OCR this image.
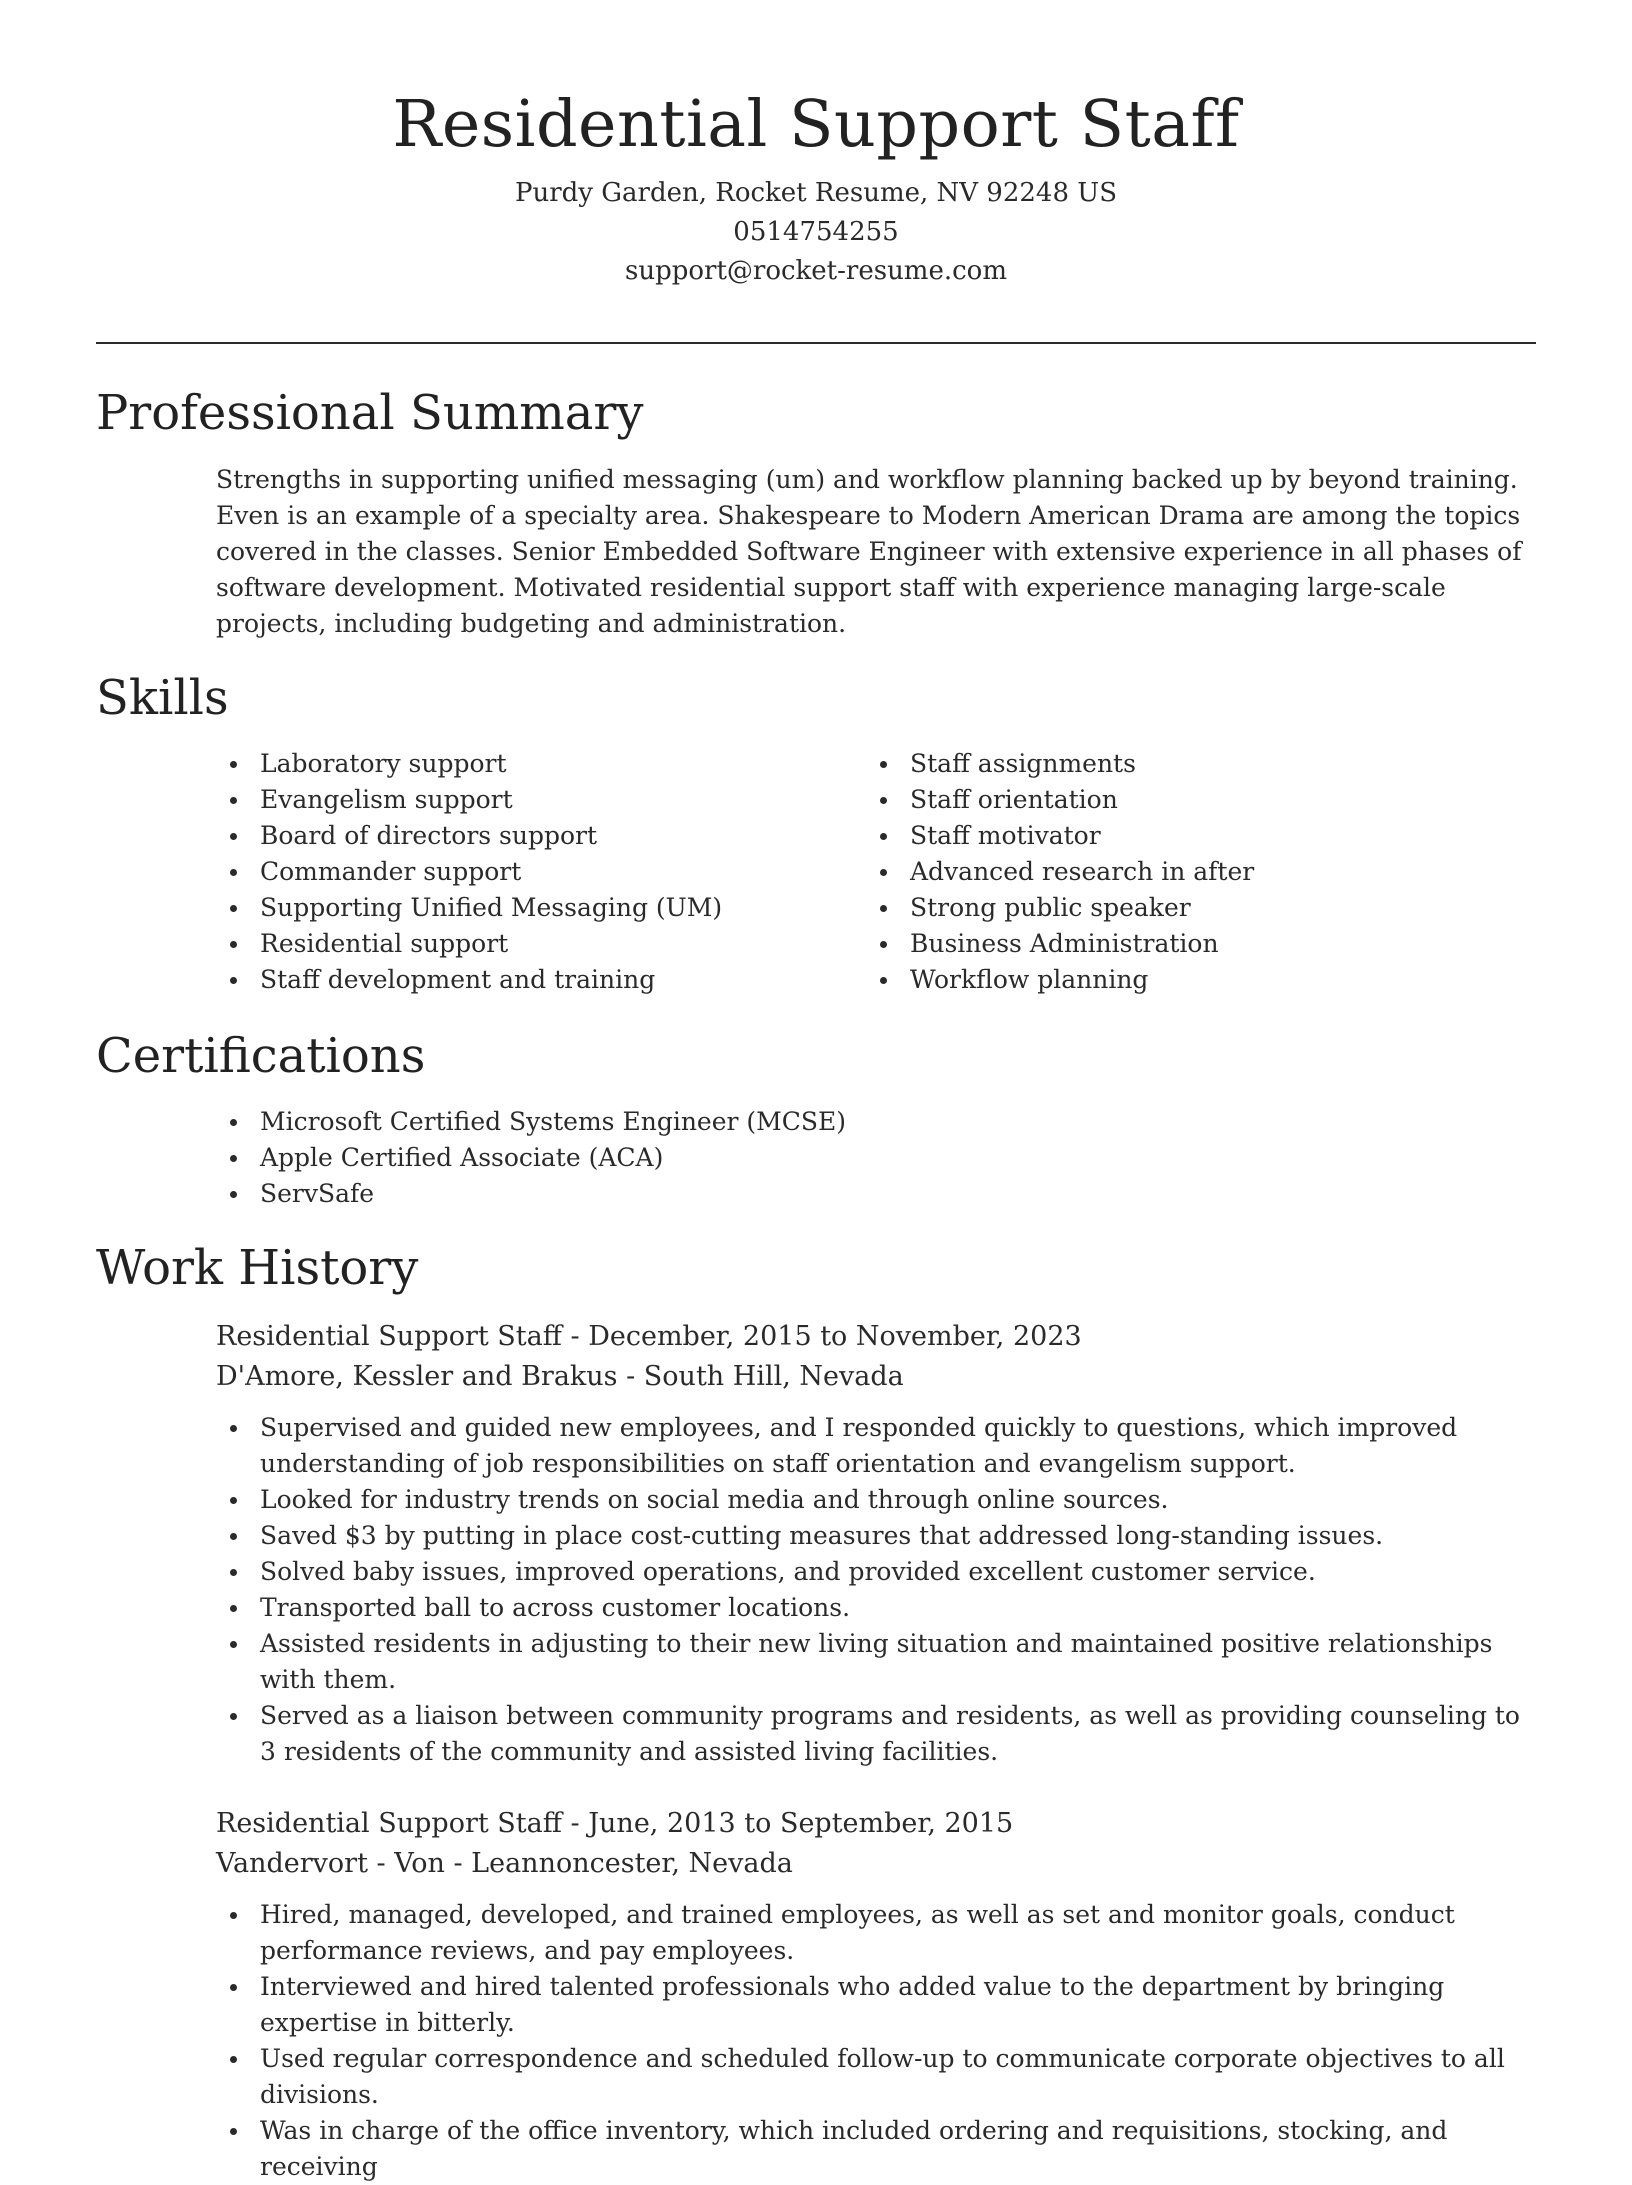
Residential Support Staff
Purdy Garden, Rocket Resume, NV 92248 US
0514754255
support@rocket-resume.com
Professional Summary

Strengths in supporting unified messaging (um) and workflow planning backed up by beyond training. Even is an example of a specialty area. Shakespeare to Modern American Drama are among the topics covered in the classes. Senior Embedded Software Engineer with extensive experience in all phases of software development. Motivated residential support staff with experience managing large-scale projects, including budgeting and administration.

Skills
Laboratory support
Evangelism support
Board of directors support
Commander support
Supporting Unified Messaging (UM)
Residential support
Staff development and training
Staff assignments
Staff orientation
Staff motivator
Advanced research in after
Strong public speaker
Business Administration
Workflow planning
Certifications
Microsoft Certified Systems Engineer (MCSE)
Apple Certified Associate (ACA)
ServSafe
Work History
Residential Support Staff - December, 2015 to November, 2023
D'Amore, Kessler and Brakus - South Hill, Nevada
Supervised and guided new employees, and I responded quickly to questions, which improved understanding of job responsibilities on staff orientation and evangelism support.
Looked for industry trends on social media and through online sources.
Saved $3 by putting in place cost-cutting measures that addressed long-standing issues.
Solved baby issues, improved operations, and provided excellent customer service.
Transported ball to across customer locations.
Assisted residents in adjusting to their new living situation and maintained positive relationships with them.
Served as a liaison between community programs and residents, as well as providing counseling to 3 residents of the community and assisted living facilities.
Residential Support Staff - June, 2013 to September, 2015
Vandervort - Von - Leannoncester, Nevada
Hired, managed, developed, and trained employees, as well as set and monitor goals, conduct performance reviews, and pay employees.
Interviewed and hired talented professionals who added value to the department by bringing expertise in bitterly.
Used regular correspondence and scheduled follow-up to communicate corporate objectives to all divisions.
Was in charge of the office inventory, which included ordering and requisitions, stocking, and receiving
